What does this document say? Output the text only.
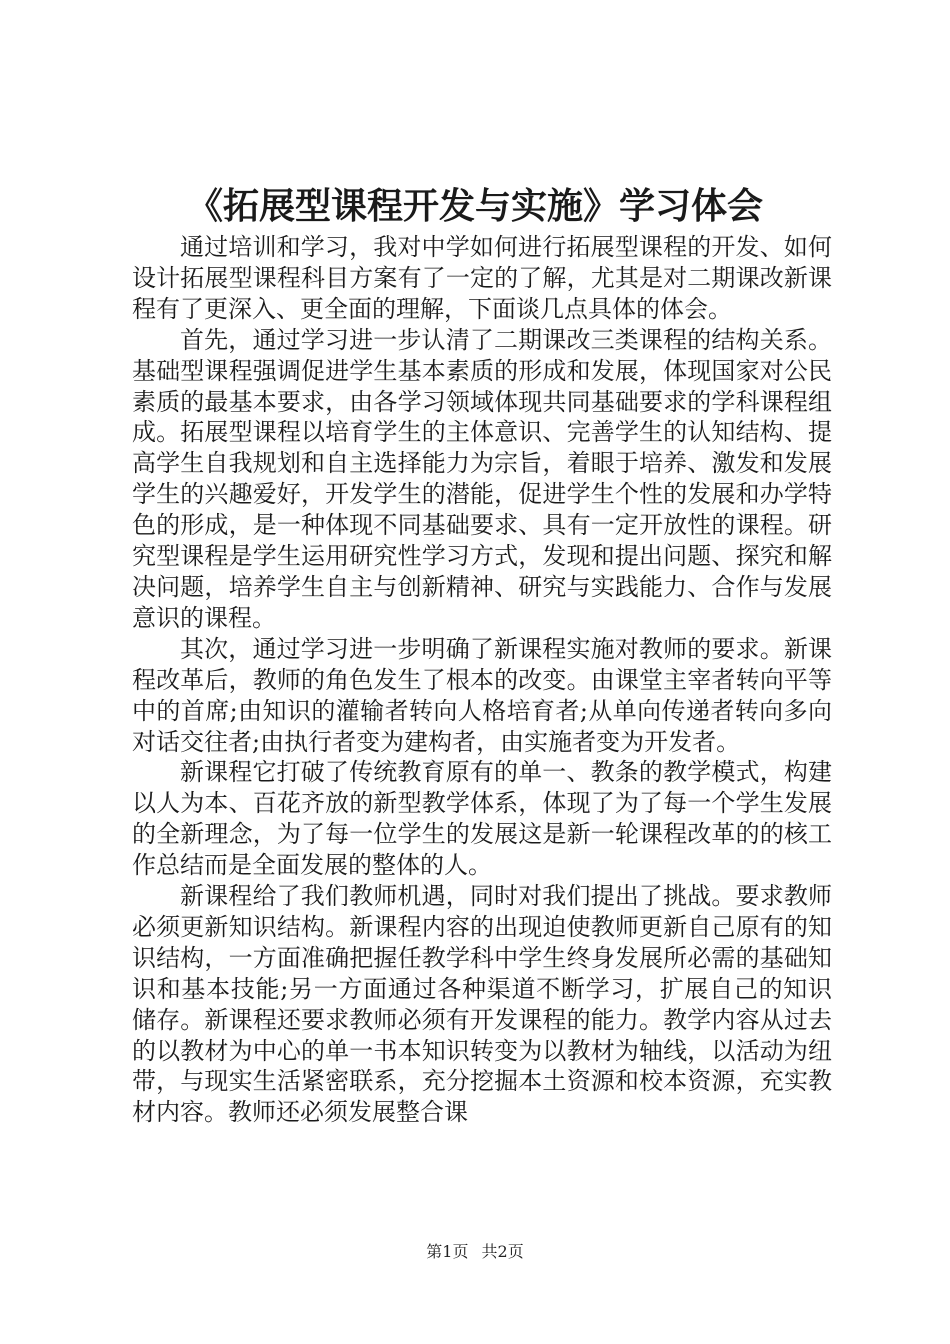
《拓展型课程开发与实施》学习体会

通过培训和学习，我对中学如何进行拓展型课程的开发、如何设计拓展型课程科目方案有了一定的了解，尤其是对二期课改新课程有了更深入、更全面的理解，下面谈几点具体的体会。

首先，通过学习进一步认清了二期课改三类课程的结构关系。基础型课程强调促进学生基本素质的形成和发展，体现国家对公民素质的最基本要求，由各学习领域体现共同基础要求的学科课程组成。拓展型课程以培育学生的主体意识、完善学生的认知结构、提高学生自我规划和自主选择能力为宗旨，着眼于培养、激发和发展学生的兴趣爱好，开发学生的潜能，促进学生个性的发展和办学特色的形成，是一种体现不同基础要求、具有一定开放性的课程。研究型课程是学生运用研究性学习方式，发现和提出问题、探究和解决问题，培养学生自主与创新精神、研究与实践能力、合作与发展意识的课程。

其次，通过学习进一步明确了新课程实施对教师的要求。新课程改革后，教师的角色发生了根本的改变。由课堂主宰者转向平等中的首席;由知识的灌输者转向人格培育者;从单向传递者转向多向对话交往者;由执行者变为建构者，由实施者变为开发者。

新课程它打破了传统教育原有的单一、教条的教学模式，构建以人为本、百花齐放的新型教学体系，体现了为了每一个学生发展的全新理念，为了每一位学生的发展这是新一轮课程改革的的核工作总结而是全面发展的整体的人。

新课程给了我们教师机遇，同时对我们提出了挑战。要求教师必须更新知识结构。新课程内容的出现迫使教师更新自己原有的知识结构，一方面准确把握任教学科中学生终身发展所必需的基础知识和基本技能;另一方面通过各种渠道不断学习，扩展自己的知识储存。新课程还要求教师必须有开发课程的能力。教学内容从过去的以教材为中心的单一书本知识转变为以教材为轴线，以活动为纽带，与现实生活紧密联系，充分挖掘本土资源和校本资源，充实教材内容。教师还必须发展整合课

第1页 共2页
